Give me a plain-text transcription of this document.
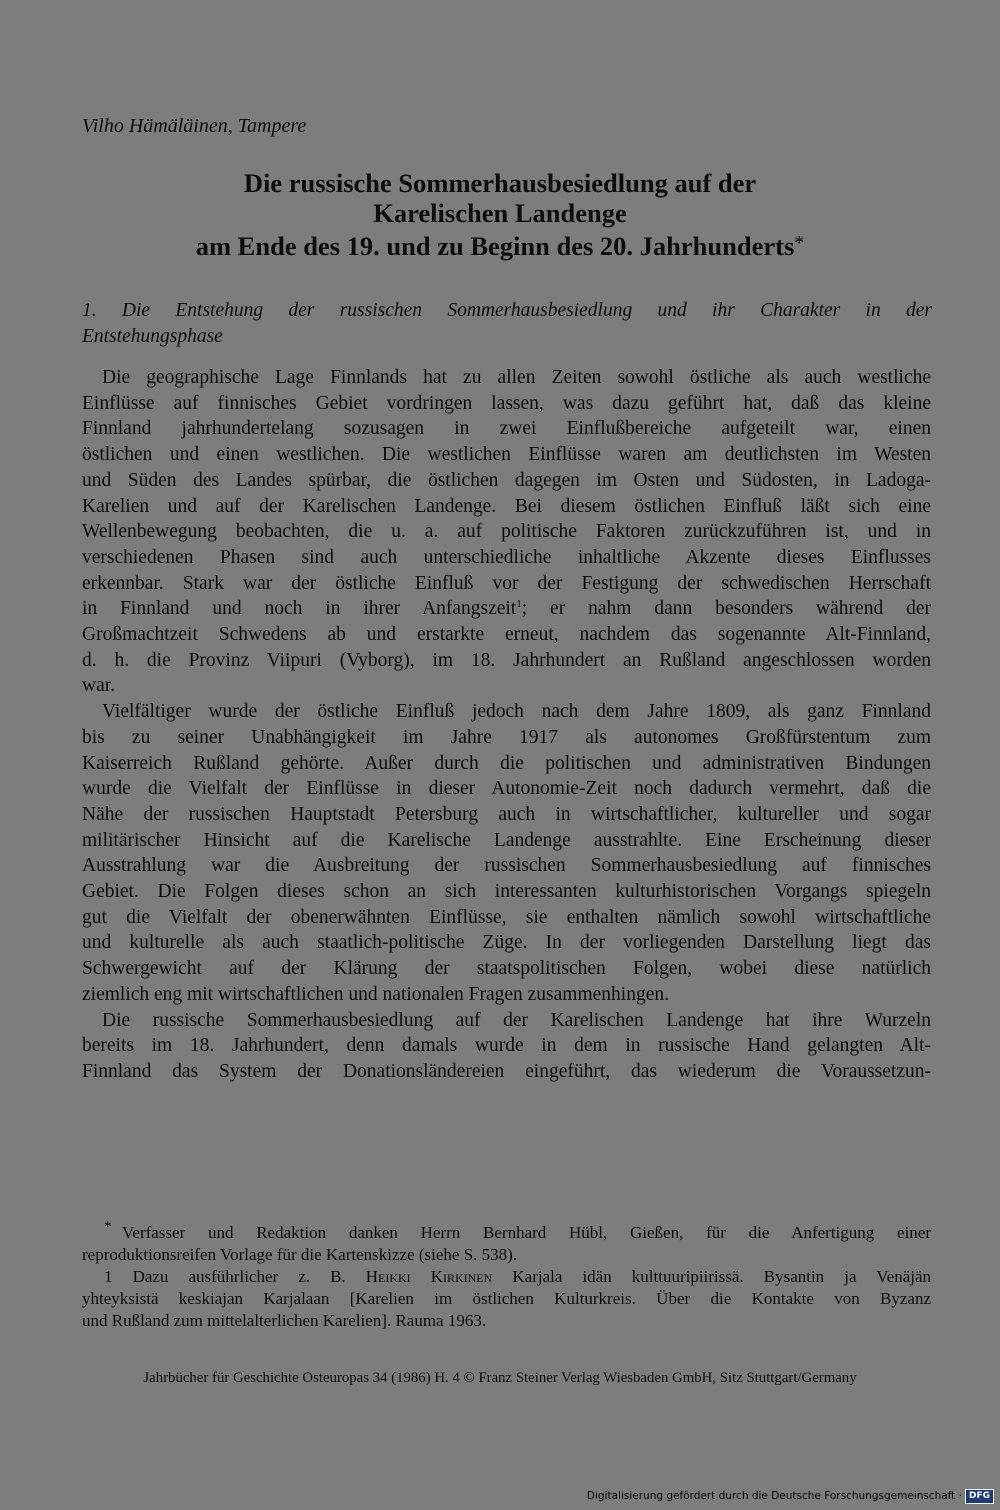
Vilho Hämäläinen, Tampere
Die russische Sommerhausbesiedlung auf der
Karelischen Landenge
am Ende des 19. und zu Beginn des 20. Jahrhunderts*
1. Die Entstehung der russischen Sommerhausbesiedlung und ihr Charakter in der
Entstehungsphase
Die geographische Lage Finnlands hat zu allen Zeiten sowohl östliche als auch westliche
Einflüsse auf finnisches Gebiet vordringen lassen, was dazu geführt hat, daß das kleine
Finnland jahrhundertelang sozusagen in zwei Einflußbereiche aufgeteilt war, einen
östlichen und einen westlichen. Die westlichen Einflüsse waren am deutlichsten im Westen
und Süden des Landes spürbar, die östlichen dagegen im Osten und Südosten, in Ladoga-
Karelien und auf der Karelischen Landenge. Bei diesem östlichen Einfluß läßt sich eine
Wellenbewegung beobachten, die u. a. auf politische Faktoren zurückzuführen ist, und in
verschiedenen Phasen sind auch unterschiedliche inhaltliche Akzente dieses Einflusses
erkennbar. Stark war der östliche Einfluß vor der Festigung der schwedischen Herrschaft
in Finnland und noch in ihrer Anfangszeit$^1$; er nahm dann besonders während der
Großmachtzeit Schwedens ab und erstarkte erneut, nachdem das sogenannte Alt-Finnland,
d. h. die Provinz Viipuri (Vyborg), im 18. Jahrhundert an Rußland angeschlossen worden
war.
Vielfältiger wurde der östliche Einfluß jedoch nach dem Jahre 1809, als ganz Finnland
bis zu seiner Unabhängigkeit im Jahre 1917 als autonomes Großfürstentum zum
Kaiserreich Rußland gehörte. Außer durch die politischen und administrativen Bindungen
wurde die Vielfalt der Einflüsse in dieser Autonomie-Zeit noch dadurch vermehrt, daß die
Nähe der russischen Hauptstadt Petersburg auch in wirtschaftlicher, kultureller und sogar
militärischer Hinsicht auf die Karelische Landenge ausstrahlte. Eine Erscheinung dieser
Ausstrahlung war die Ausbreitung der russischen Sommerhausbesiedlung auf finnisches
Gebiet. Die Folgen dieses schon an sich interessanten kulturhistorischen Vorgangs spiegeln
gut die Vielfalt der obenerwähnten Einflüsse, sie enthalten nämlich sowohl wirtschaftliche
und kulturelle als auch staatlich-politische Züge. In der vorliegenden Darstellung liegt das
Schwergewicht auf der Klärung der staatspolitischen Folgen, wobei diese natürlich
ziemlich eng mit wirtschaftlichen und nationalen Fragen zusammenhingen.
Die russische Sommerhausbesiedlung auf der Karelischen Landenge hat ihre Wurzeln
bereits im 18. Jahrhundert, denn damals wurde in dem in russische Hand gelangten Alt-
Finnland das System der Donationsländereien eingeführt, das wiederum die Voraussetzun-
* Verfasser und Redaktion danken Herrn Bernhard Hübl, Gießen, für die Anfertigung einer
reproduktionsreifen Vorlage für die Kartenskizze (siehe S. 538).
1 Dazu ausführlicher z. B. Heikki Kirkinen Karjala idän kulttuuripiirissä. Bysantin ja Venäjän
yhteyksistä keskiajan Karjalaan [Karelien im östlichen Kulturkreis. Über die Kontakte von Byzanz
und Rußland zum mittelalterlichen Karelien]. Rauma 1963.
Jahrbücher für Geschichte Osteuropas 34 (1986) H. 4 © Franz Steiner Verlag Wiesbaden GmbH, Sitz Stuttgart/Germany
Digitalisierung gefördert durch die Deutsche Forschungsgemeinschaft · DFG
